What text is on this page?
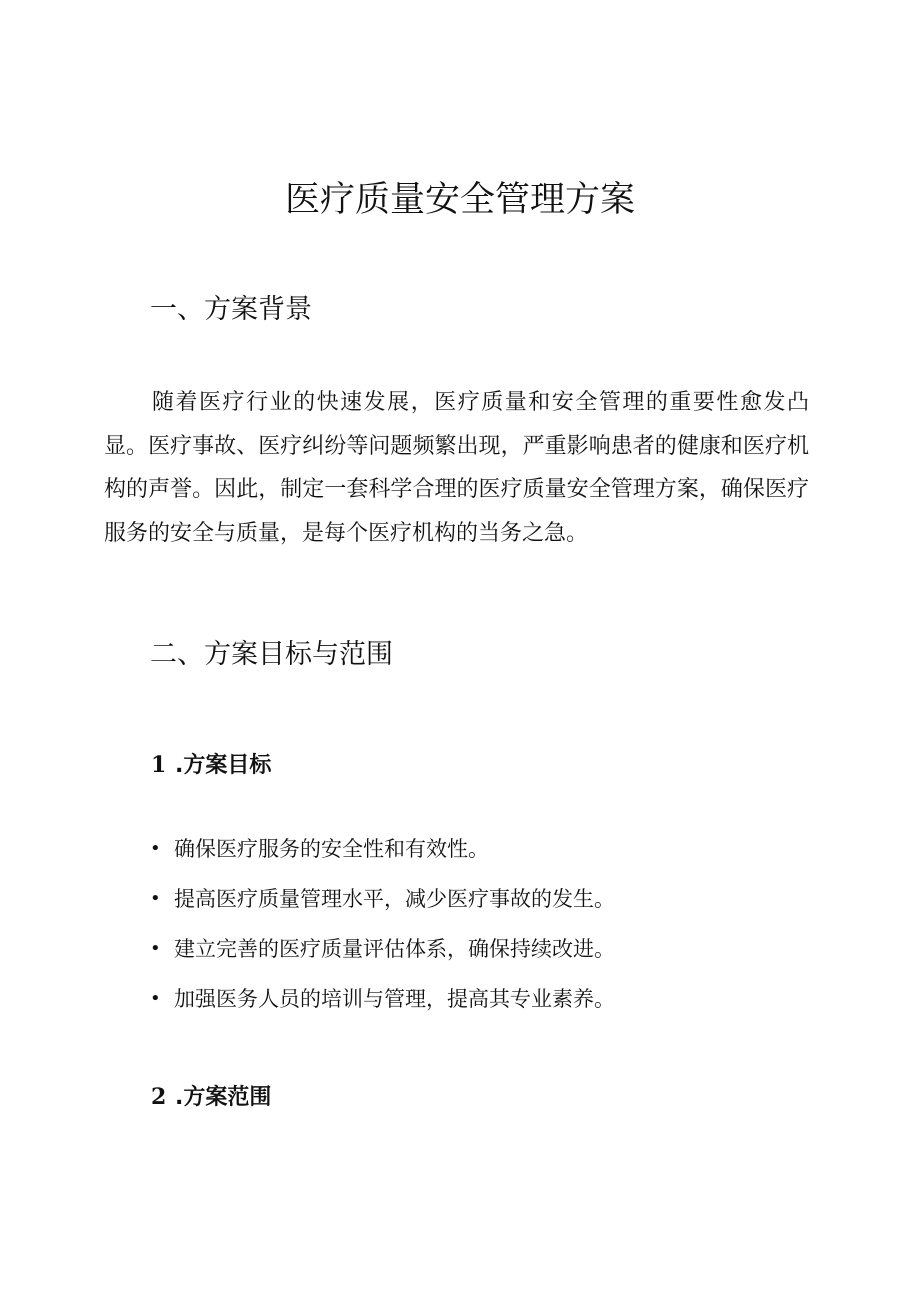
医疗质量安全管理方案
一、方案背景

随着医疗行业的快速发展，医疗质量和安全管理的重要性愈发凸显。医疗事故、医疗纠纷等问题频繁出现，严重影响患者的健康和医疗机构的声誉。因此，制定一套科学合理的医疗质量安全管理方案，确保医疗服务的安全与质量，是每个医疗机构的当务之急。

二、方案目标与范围
1 .方案目标
• 确保医疗服务的安全性和有效性。
• 提高医疗质量管理水平，减少医疗事故的发生。
• 建立完善的医疗质量评估体系，确保持续改进。
• 加强医务人员的培训与管理，提高其专业素养。
2 .方案范围
